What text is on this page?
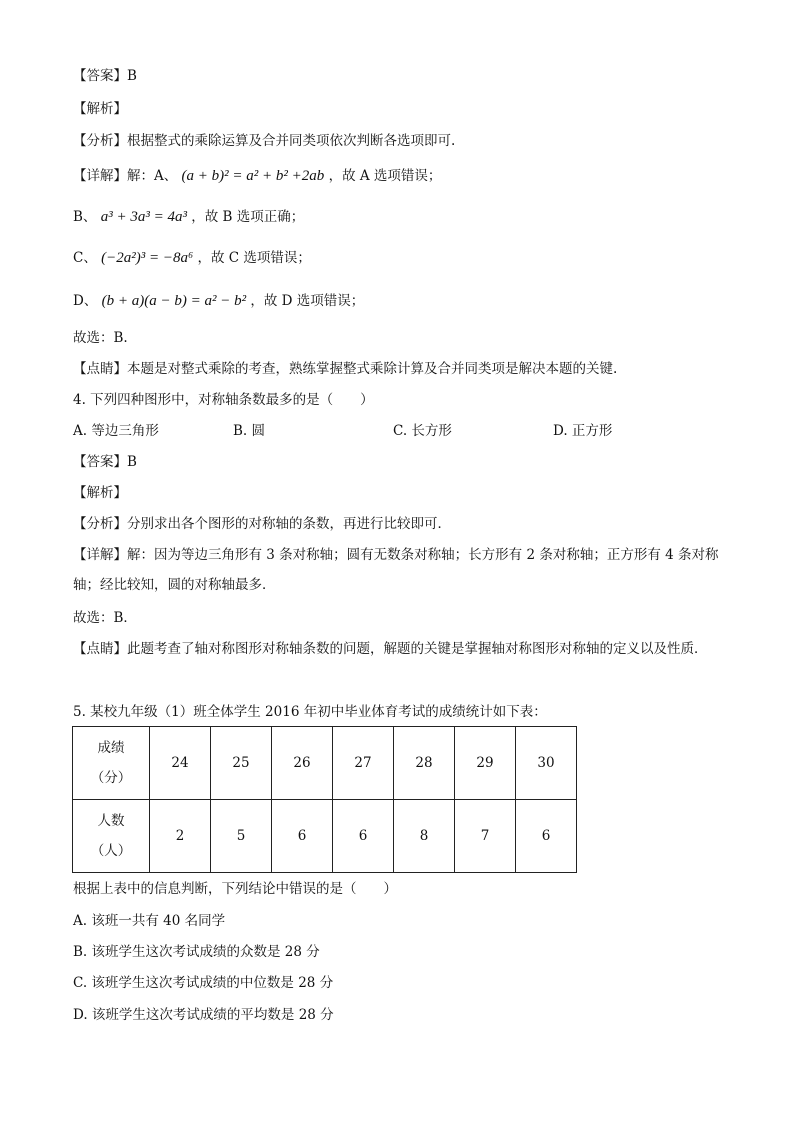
【答案】B
【解析】
【分析】根据整式的乘除运算及合并同类项依次判断各选项即可.
【详解】解：A、 (a + b)² = a² + b² +2ab ，故 A 选项错误；
B、 a³ + 3a³ = 4a³ ，故 B 选项正确；
C、 (−2a²)³ = −8a⁶ ，故 C 选项错误；
D、 (b + a)(a − b) = a² − b² ，故 D 选项错误；
故选：B.
【点睛】本题是对整式乘除的考查，熟练掌握整式乘除计算及合并同类项是解决本题的关键.
4. 下列四种图形中，对称轴条数最多的是（　　）
A. 等边三角形	B. 圆	C. 长方形	D. 正方形
【答案】B
【解析】
【分析】分别求出各个图形的对称轴的条数，再进行比较即可．
【详解】解：因为等边三角形有 3 条对称轴；圆有无数条对称轴；长方形有 2 条对称轴；正方形有 4 条对称轴；经比较知，圆的对称轴最多．
故选：B．
【点睛】此题考查了轴对称图形对称轴条数的问题，解题的关键是掌握轴对称图形对称轴的定义以及性质．
5. 某校九年级（1）班全体学生 2016 年初中毕业体育考试的成绩统计如下表：
成绩
（分）	24	25	26	27	28	29	30

人数
（人）	2	5	6	6	8	7	6
根据上表中的信息判断，下列结论中错误的是（　　）
A. 该班一共有 40 名同学
B. 该班学生这次考试成绩的众数是 28 分
C. 该班学生这次考试成绩的中位数是 28 分
D. 该班学生这次考试成绩的平均数是 28 分
